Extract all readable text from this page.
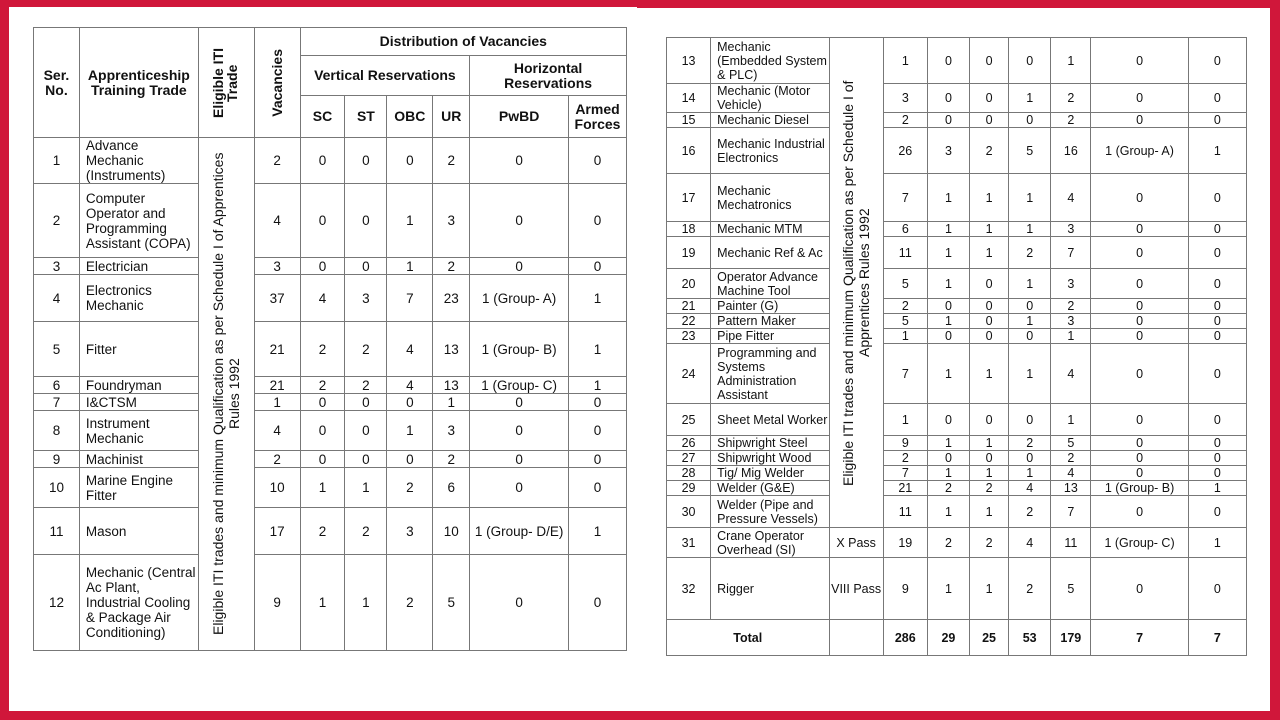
Ser. No.	Apprenticeship Training Trade	Eligible ITI Trade	Vacancies	Distribution of Vacancies					
				Vertical Reservations				Horizontal Reservations	
				SC	ST	OBC	UR	PwBD	Armed Forces
1	Advance Mechanic (Instruments)	Eligible ITI trades and minimum Qualification as per Schedule I of Apprentices Rules 1992	2	0	0	0	2	0	0
2	Computer Operator and Programming Assistant (COPA)		4	0	0	1	3	0	0
3	Electrician		3	0	0	1	2	0	0
4	Electronics Mechanic		37	4	3	7	23	1 (Group- A)	1
5	Fitter		21	2	2	4	13	1 (Group- B)	1
6	Foundryman		21	2	2	4	13	1 (Group- C)	1
7	I&CTSM		1	0	0	0	1	0	0
8	Instrument Mechanic		4	0	0	1	3	0	0
9	Machinist		2	0	0	0	2	0	0
10	Marine Engine Fitter		10	1	1	2	6	0	0
11	Mason		17	2	2	3	10	1 (Group- D/E)	1
12	Mechanic (Central Ac Plant, Industrial Cooling & Package Air Conditioning)		9	1	1	2	5	0	0
13	Mechanic (Embedded System & PLC)	Eligible ITI trades and minimum Qualification as per Schedule I of Apprentices Rules 1992	1	0	0	0	1	0	0
14	Mechanic (Motor Vehicle)		3	0	0	1	2	0	0
15	Mechanic Diesel		2	0	0	0	2	0	0
16	Mechanic Industrial Electronics		26	3	2	5	16	1 (Group- A)	1
17	Mechanic Mechatronics		7	1	1	1	4	0	0
18	Mechanic MTM		6	1	1	1	3	0	0
19	Mechanic Ref & Ac		11	1	1	2	7	0	0
20	Operator Advance Machine Tool		5	1	0	1	3	0	0
21	Painter (G)		2	0	0	0	2	0	0
22	Pattern Maker		5	1	0	1	3	0	0
23	Pipe Fitter		1	0	0	0	1	0	0
24	Programming and Systems Administration Assistant		7	1	1	1	4	0	0
25	Sheet Metal Worker		1	0	0	0	1	0	0
26	Shipwright Steel		9	1	1	2	5	0	0
27	Shipwright Wood		2	0	0	0	2	0	0
28	Tig/ Mig Welder		7	1	1	1	4	0	0
29	Welder (G&E)		21	2	2	4	13	1 (Group- B)	1
30	Welder (Pipe and Pressure Vessels)		11	1	1	2	7	0	0
31	Crane Operator Overhead (SI)	X Pass	19	2	2	4	11	1 (Group- C)	1
32	Rigger	VIII Pass	9	1	1	2	5	0	0
Total			286	29	25	53	179	7	7
